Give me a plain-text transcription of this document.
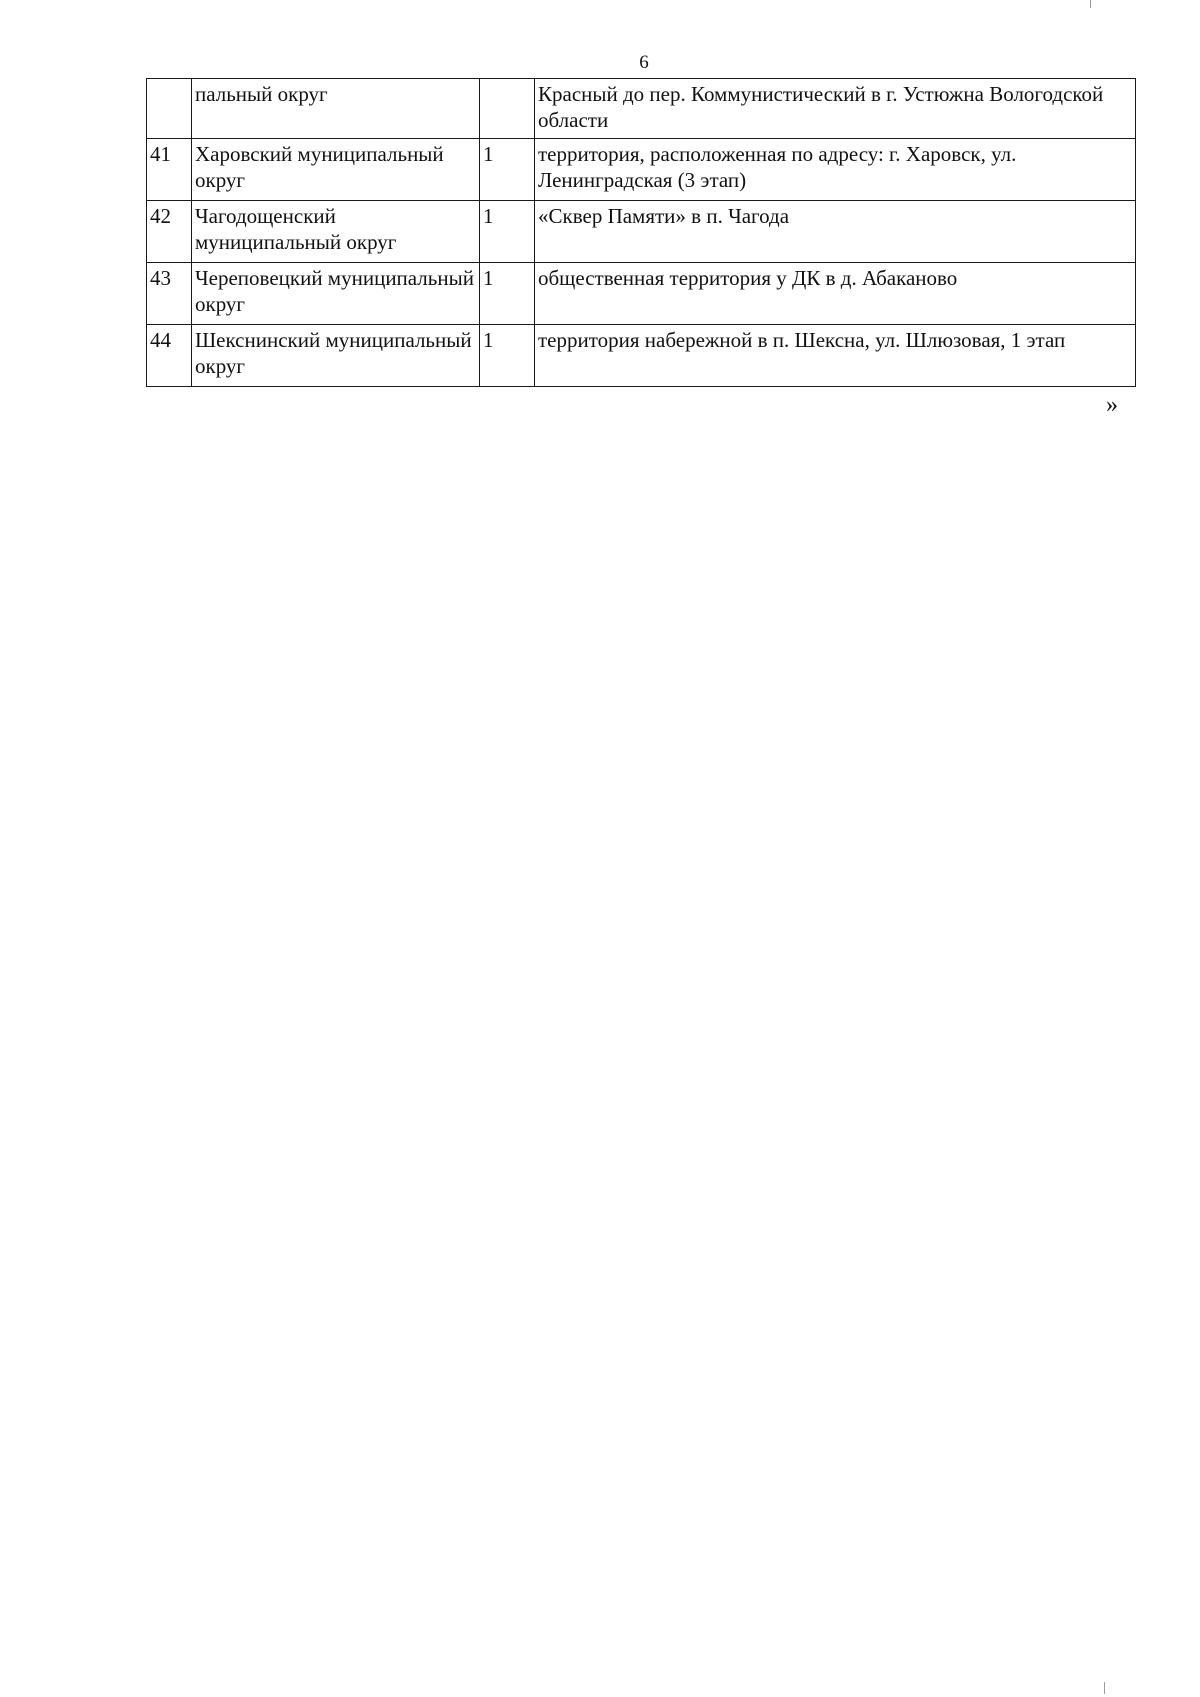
6
	пальный округ		Красный до пер. Коммунистический в г. Устюжна Вологодской области
41	Харовский муниципальный округ	1	территория, расположенная по адресу: г. Харовск, ул. Ленинградская (3 этап)
42	Чагодощенский муниципальный округ	1	«Сквер Памяти» в п. Чагода
43	Череповецкий муниципальный округ	1	общественная территория у ДК в д. Абаканово
44	Шекснинский муниципальный округ	1	территория набережной в п. Шексна, ул. Шлюзовая, 1 этап
»
